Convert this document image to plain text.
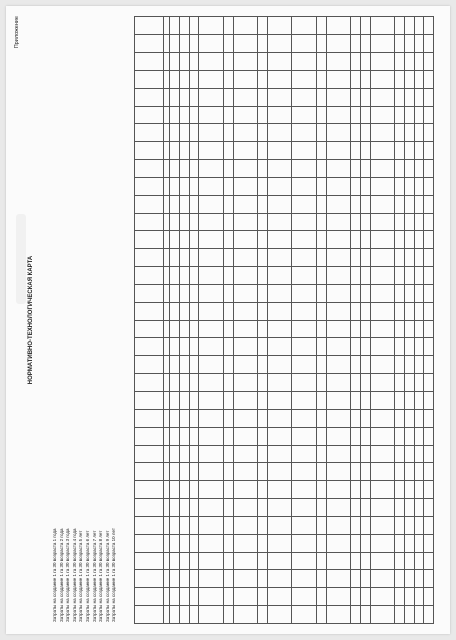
Приложение
НОРМАТИВНО-ТЕХНОЛОГИЧЕСКАЯ КАРТА
Затраты на создание 1 га 30 возраста 1 года Затраты на создание 1 га 30 возраста 2 года Затраты на создание 1 га 30 возраста 3 года Затраты на создание 1 га 30 возраста 4 года Затраты на создание 1 га 30 возраста 5 лет Затраты на создание 1 га 30 возраста 6 лет Затраты на создание 1 га 30 возраста 7 лет Затраты на создание 1 га 30 возраста 8 лет Затраты на создание 1 га 30 возраста 9 лет Затраты на создание 1 га 30 возраста 10 лет
